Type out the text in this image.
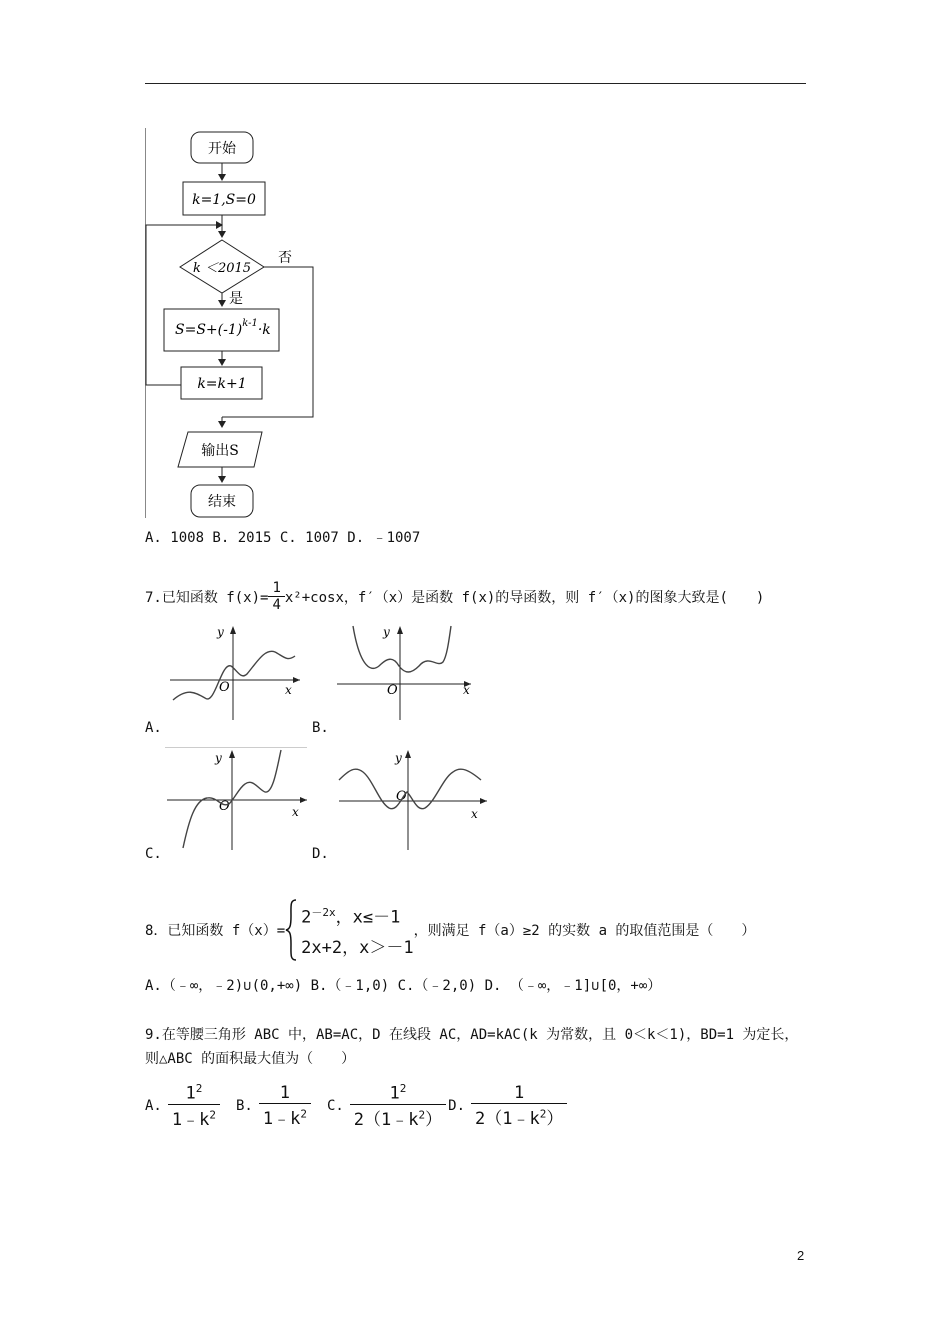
开始
k=1,S=0
k ＜2015
否
是
$S=S+(-1)^{k-1}\cdot k$
k=k+1
输出S
结束
A. 1008 B. 2015 C. 1007 D. ﹣1007
7.已知函数 $f(x)= \frac{1}{4} x^2+\cos x$，f′（x）是函数 f(x)的导函数，则 f′（x)的图象大致是(　　)
y
x
O
A.
y
x
O
B.
y
x
O
C.
y
x
O
D.
8．已知函数 f（x）=
$2^{-2x}$，x≤－1
2x+2，x＞－1
，则满足 f（a）≥2 的实数 a 的取值范围是（　　）
A.（﹣∞，﹣2)∪(0,+∞) B.（﹣1,0) C.（﹣2,0) D. （﹣∞，﹣1]∪[0，+∞）
9.在等腰三角形 ABC 中，AB=AC，D 在线段 AC，AD=kAC(k 为常数，且 0＜k＜1)，BD=1 为定长，
则△ABC 的面积最大值为（　　）
A. $\frac{1^2}{1﹣k^2} B$. $\frac{1}{1﹣k^2} C$. $\frac{1^2}{2(1﹣k^2)} D$. $\frac{1}{2(1﹣k^2)}$
2
